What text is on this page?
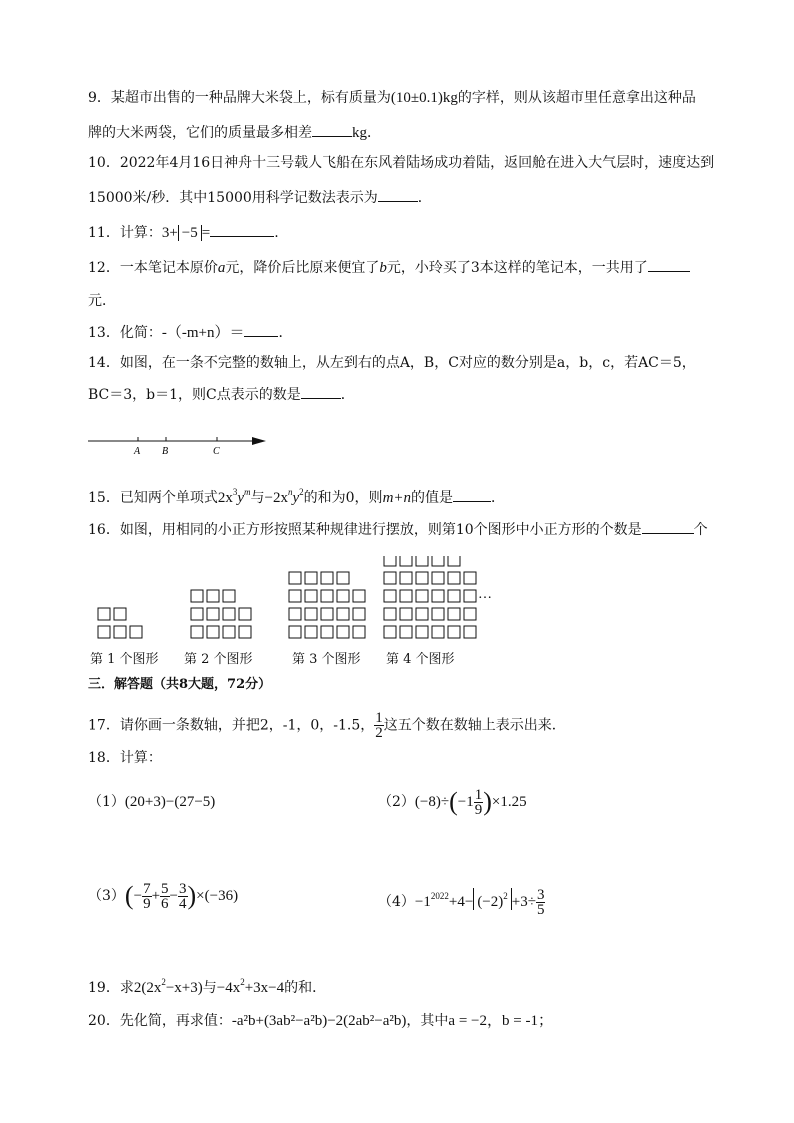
9．某超市出售的一种品牌大米袋上，标有质量为(10±0.1)kg的字样，则从该超市里任意拿出这种品
牌的大米两袋，它们的质量最多相差	kg．
10．2022年4月16日神舟十三号载人飞船在东风着陆场成功着陆，返回舱在进入大气层时，速度达到
15000米/秒．其中15000用科学记数法表示为	．
11．计算：3+ −5 =	.
12．一本笔记本原价a元，降价后比原来便宜了b元，小玲买了3本这样的笔记本，一共用了
元．
13．化简：-（-m+n）＝ ．
14．如图，在一条不完整的数轴上，从左到右的点A，B，C对应的数分别是a，b，c，若AC＝5，
BC＝3，b＝1，则C点表示的数是	．
A B	C
15．已知两个单项式$2x^3y^m$与$-2x^ny^2$的和为0，则m+n的值是	．
16．如图，用相同的小正方形按照某种规律进行摆放，则第10个图形中小正方形的个数是	个
…
第 1 个图形 第 2 个图形	第 3 个图形 第 4 个图形
三．解答题（共8大题，72分）
17．请你画一条数轴，并把2，-1，0，-1.5， $\frac{1}{2}$ 这五个数在数轴上表示出来．
18．计算：
（1）(20+3)−(27−5)	$(2)(-8)\div(-1 \frac{1}{9} )\times 1.25$
$(3)(- \frac{7}{9} + \frac{5}{6} - \frac{3}{4} )\times(-36)$	$(4)-1^{2022}+4- (-2)^2 +3\div \frac{3}{5}$
19．求$2(2x^2-x+3)$与$-4x^2+3x-4$的和．
20．先化简，再求值：-a²b+(3ab²−a²b)−2(2ab²−a²b)，其中a = −2，b = -1；
